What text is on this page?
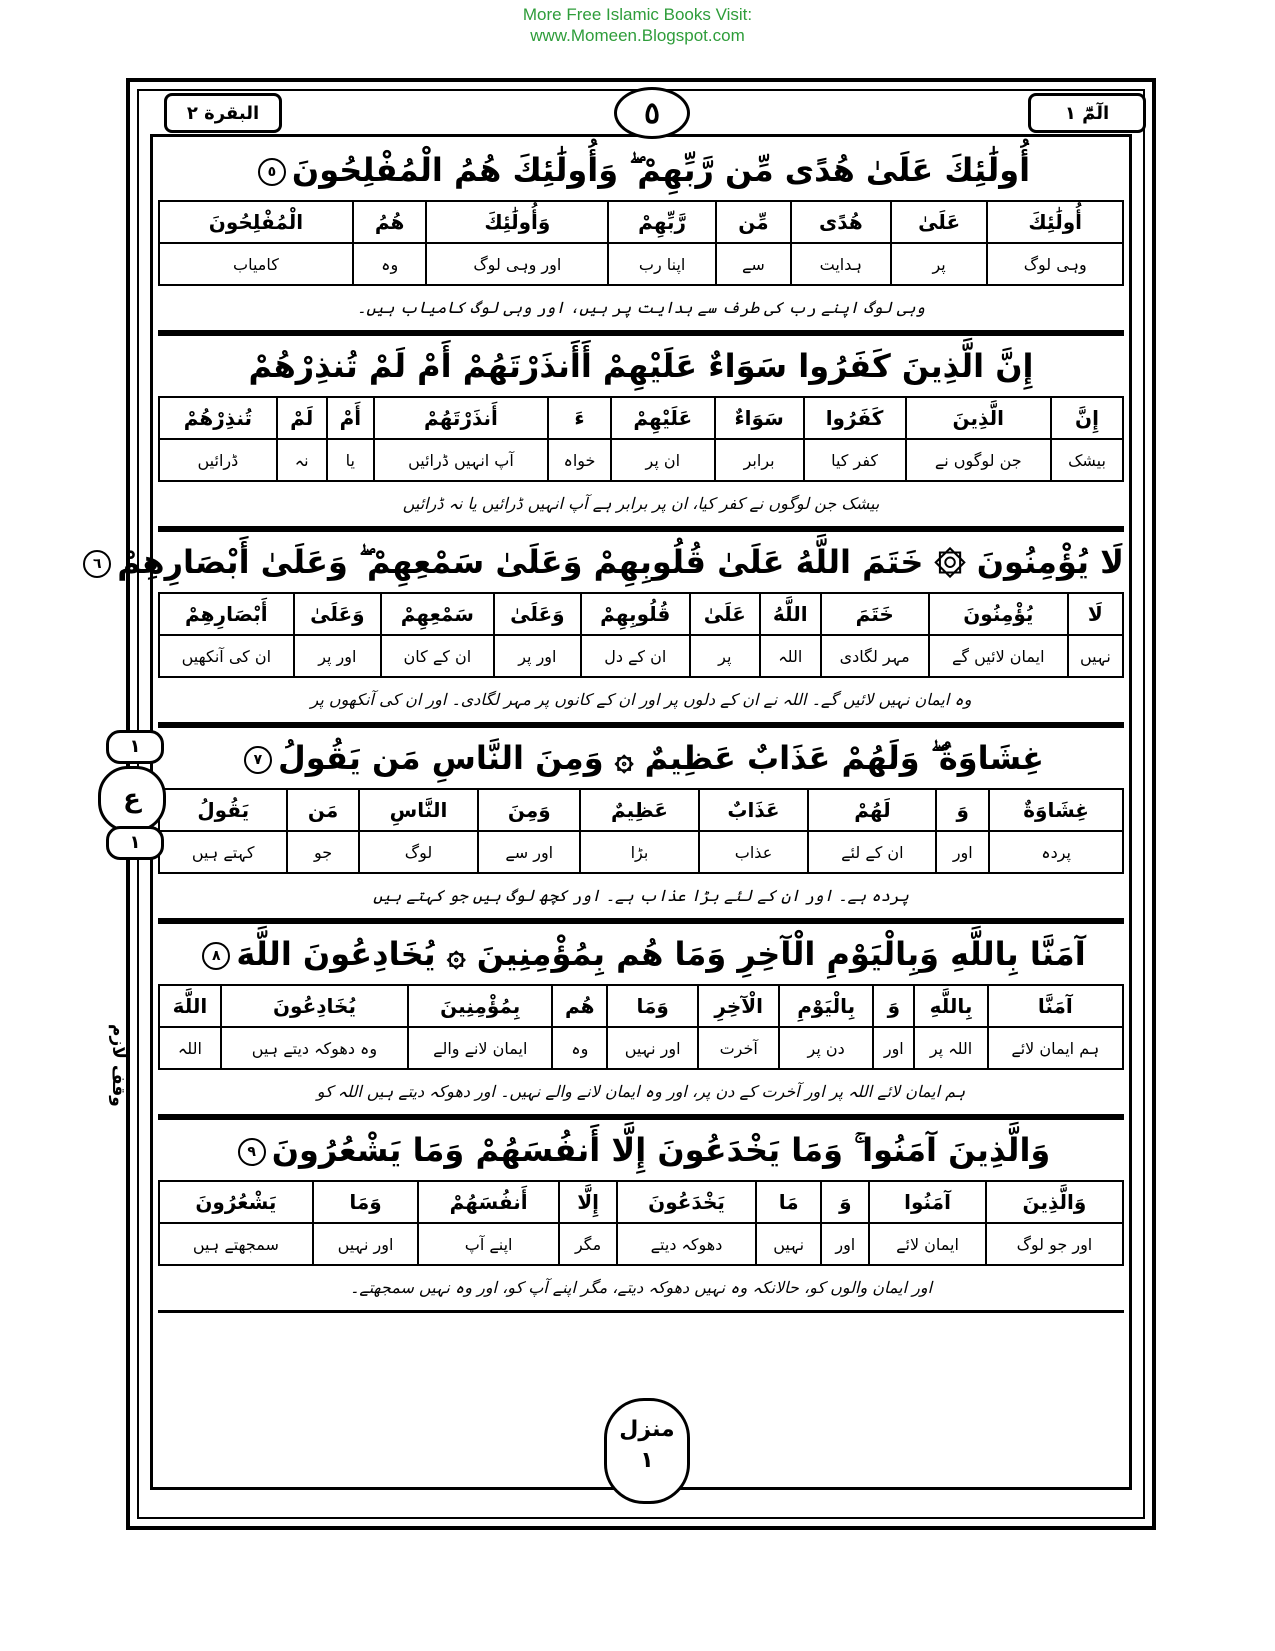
More Free Islamic Books Visit:
www.Momeen.Blogspot.com
الٓمّٓ ١
٥
البقرة ٢
أُولَٰئِكَ عَلَىٰ هُدًى مِّن رَّبِّهِمْ ۖ وَأُولَٰئِكَ هُمُ الْمُفْلِحُونَ٥
أُولَٰئِكَ	عَلَىٰ	هُدًى	مِّن	رَّبِّهِمْ	وَأُولَٰئِكَ	هُمُ	الْمُفْلِحُونَ
وہی لوگ	پر	ہدایت	سے	اپنا رب	اور وہی لوگ	وہ	کامیاب
وہی لوگ اپنے رب کی طرف سے ہدایت پر ہیں، اور وہی لوگ کامیاب ہیں۔
إِنَّ الَّذِينَ كَفَرُوا سَوَاءٌ عَلَيْهِمْ أَأَنذَرْتَهُمْ أَمْ لَمْ تُنذِرْهُمْ
إِنَّ	الَّذِينَ	كَفَرُوا	سَوَاءٌ	عَلَيْهِمْ	ءَ	أَنذَرْتَهُمْ	أَمْ	لَمْ	تُنذِرْهُمْ
بیشک	جن لوگوں نے	کفر کیا	برابر	ان پر	خواہ	آپ انہیں ڈرائیں	یا	نہ	ڈرائیں
بیشک جن لوگوں نے کفر کیا، ان پر برابر ہے آپ انہیں ڈرائیں یا نہ ڈرائیں
لَا يُؤْمِنُونَ ۞ خَتَمَ اللَّهُ عَلَىٰ قُلُوبِهِمْ وَعَلَىٰ سَمْعِهِمْ ۖ وَعَلَىٰ أَبْصَارِهِمْ٦
لَا	يُؤْمِنُونَ	خَتَمَ	اللَّهُ	عَلَىٰ	قُلُوبِهِمْ	وَعَلَىٰ	سَمْعِهِمْ	وَعَلَىٰ	أَبْصَارِهِمْ
نہیں	ایمان لائیں گے	مہر لگادی	اللہ	پر	ان کے دل	اور پر	ان کے کان	اور پر	ان کی آنکھیں
وہ ایمان نہیں لائیں گے۔ اللہ نے ان کے دلوں پر اور ان کے کانوں پر مہر لگادی۔ اور ان کی آنکھوں پر
غِشَاوَةٌ ۖ وَلَهُمْ عَذَابٌ عَظِيمٌ ۞ وَمِنَ النَّاسِ مَن يَقُولُ٧
غِشَاوَةٌ	وَ	لَهُمْ	عَذَابٌ	عَظِيمٌ	وَمِنَ	النَّاسِ	مَن	يَقُولُ
پردہ	اور	ان کے لئے	عذاب	بڑا	اور سے	لوگ	جو	کہتے ہیں
پردہ ہے۔ اور ان کے لئے بڑا عذاب ہے۔ اور کچھ لوگ ہیں جو کہتے ہیں
آمَنَّا بِاللَّهِ وَبِالْيَوْمِ الْآخِرِ وَمَا هُم بِمُؤْمِنِينَ ۞ يُخَادِعُونَ اللَّهَ٨
آمَنَّا	بِاللَّهِ	وَ	بِالْيَوْمِ	الْآخِرِ	وَمَا	هُم	بِمُؤْمِنِينَ	يُخَادِعُونَ	اللَّهَ
ہم ایمان لائے	اللہ پر	اور	دن پر	آخرت	اور نہیں	وہ	ایمان لانے والے	وہ دھوکہ دیتے ہیں	اللہ
ہم ایمان لائے اللہ پر اور آخرت کے دن پر، اور وہ ایمان لانے والے نہیں۔ اور دھوکہ دیتے ہیں اللہ کو
وَالَّذِينَ آمَنُوا ۚ وَمَا يَخْدَعُونَ إِلَّا أَنفُسَهُمْ وَمَا يَشْعُرُونَ٩
وَالَّذِينَ	آمَنُوا	وَ	مَا	يَخْدَعُونَ	إِلَّا	أَنفُسَهُمْ	وَمَا	يَشْعُرُونَ
اور جو لوگ	ایمان لائے	اور	نہیں	دھوکہ دیتے	مگر	اپنے آپ	اور نہیں	سمجھتے ہیں
اور ایمان والوں کو، حالانکہ وہ نہیں دھوکہ دیتے، مگر اپنے آپ کو، اور وہ نہیں سمجھتے۔
١
ع
١
وقف لازم
منزل
١
